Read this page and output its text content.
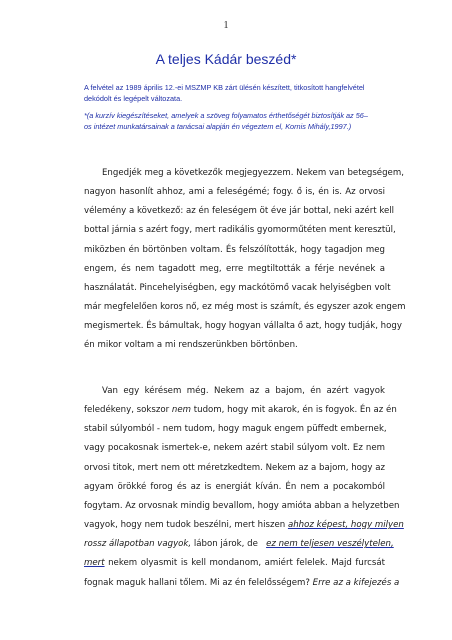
1
A teljes Kádár beszéd*

A felvétel az 1989 április 12.-ei MSZMP KB zárt ülésén készített, titkosított hangfelvétel
dekódolt és legépelt változata.

*(a kurzív kiegészítéseket, amelyek a szöveg folyamatos érthetőségét biztosítják az 56–
os intézet munkatársainak a tanácsai alapján én végeztem el, Kornis Mihály,1997.)

Engedjék meg a következők megjegyezzem. Nekem van betegségem,
nagyon hasonlít ahhoz, ami a feleségémé; fogy. ő is, én is. Az orvosi
vélemény a következő: az én feleségem öt éve jár bottal, neki azért kell
bottal járnia s azért fogy, mert radikális gyomorműtéten ment keresztül,
miközben én börtönben voltam. És felszólították, hogy tagadjon meg
engem, és nem tagadott meg, erre megtiltották a férje nevének a
használatát. Pincehelyiségben, egy mackótömő vacak helyiségben volt
már megfelelően koros nő, ez még most is számít, és egyszer azok engem
megismertek. És bámultak, hogy hogyan vállalta ő azt, hogy tudják, hogy
én mikor voltam a mi rendszerünkben börtönben.

Van egy kérésem még. Nekem az a bajom, én azért vagyok
feledékeny, sokszor nem tudom, hogy mit akarok, én is fogyok. Én az én
stabil súlyomból - nem tudom, hogy maguk engem püffedt embernek,
vagy pocakosnak ismertek-e, nekem azért stabil súlyom volt. Ez nem
orvosi titok, mert nem ott méretzkedtem. Nekem az a bajom, hogy az
agyam örökké forog és az is energiát kíván. Én nem a pocakomból
fogytam. Az orvosnak mindig bevallom, hogy amióta abban a helyzetben
vagyok, hogy nem tudok beszélni, mert hiszen ahhoz képest, hogy milyen
rossz állapotban vagyok, lábon járok, de   ez nem teljesen veszélytelen,
mert nekem olyasmit is kell mondanom, amiért felelek. Majd furcsát
fognak maguk hallani tőlem. Mi az én felelősségem? Erre az a kifejezés a
